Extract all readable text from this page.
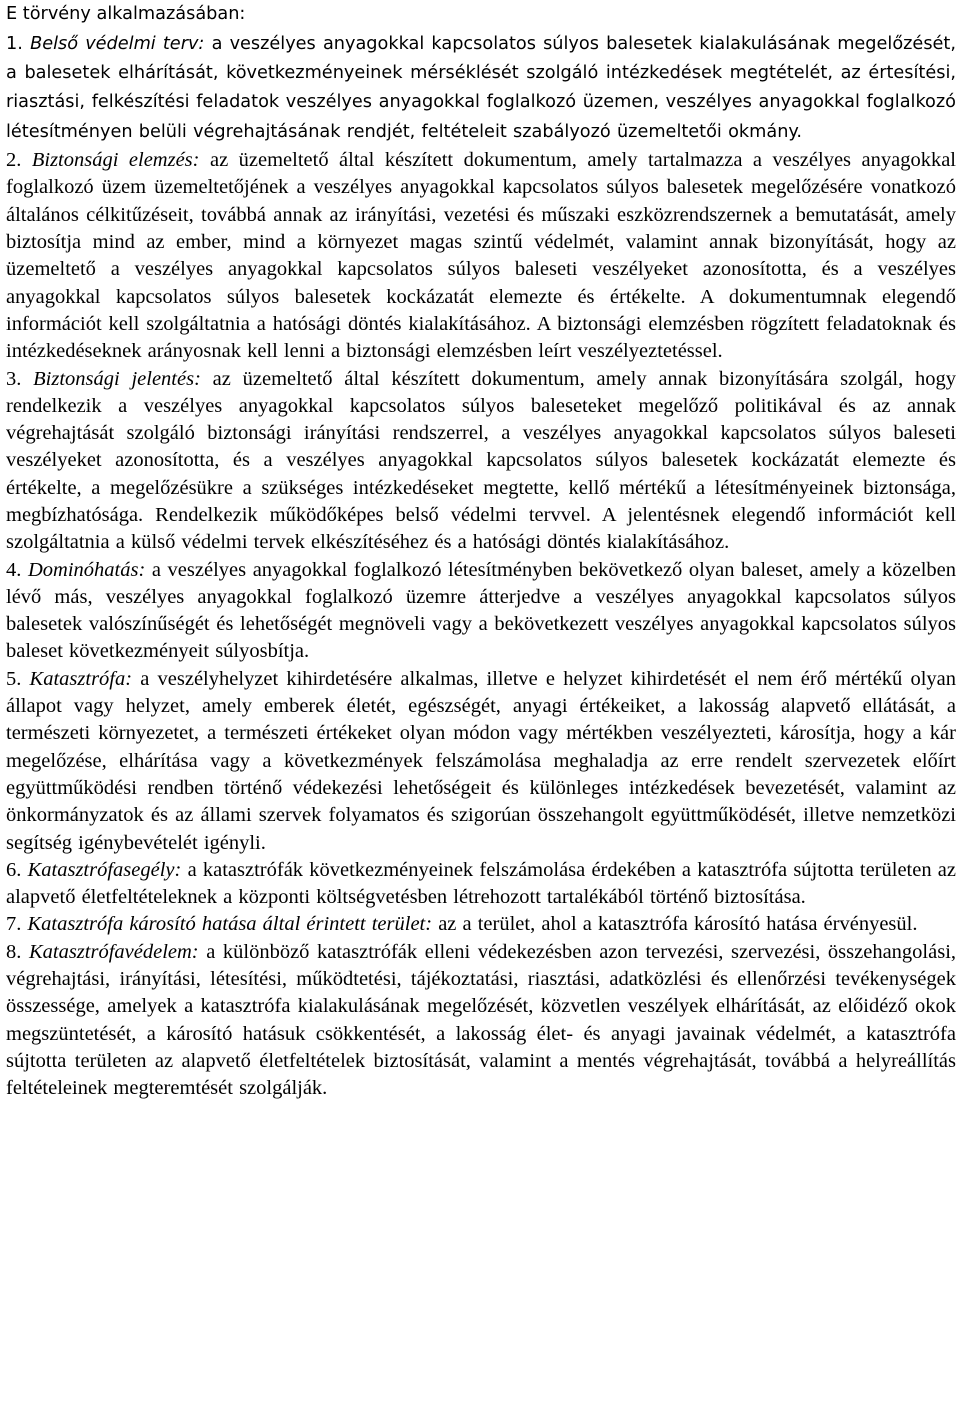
E törvény alkalmazásában:

1. Belső védelmi terv: a veszélyes anyagokkal kapcsolatos súlyos balesetek kialakulásának megelőzését, a balesetek elhárítását, következményeinek mérséklését szolgáló intézkedések megtételét, az értesítési, riasztási, felkészítési feladatok veszélyes anyagokkal foglalkozó üzemen, veszélyes anyagokkal foglalkozó létesítményen belüli végrehajtásának rendjét, feltételeit szabályozó üzemeltetői okmány.

2. Biztonsági elemzés: az üzemeltető által készített dokumentum, amely tartalmazza a veszélyes anyagokkal foglalkozó üzem üzemeltetőjének a veszélyes anyagokkal kapcsolatos súlyos balesetek megelőzésére vonatkozó általános célkitűzéseit, továbbá annak az irányítási, vezetési és műszaki eszközrendszernek a bemutatását, amely biztosítja mind az ember, mind a környezet magas szintű védelmét, valamint annak bizonyítását, hogy az üzemeltető a veszélyes anyagokkal kapcsolatos súlyos baleseti veszélyeket azonosította, és a veszélyes anyagokkal kapcsolatos súlyos balesetek kockázatát elemezte és értékelte. A dokumentumnak elegendő információt kell szolgáltatnia a hatósági döntés kialakításához. A biztonsági elemzésben rögzített feladatoknak és intézkedéseknek arányosnak kell lenni a biztonsági elemzésben leírt veszélyeztetéssel.

3. Biztonsági jelentés: az üzemeltető által készített dokumentum, amely annak bizonyítására szolgál, hogy rendelkezik a veszélyes anyagokkal kapcsolatos súlyos baleseteket megelőző politikával és az annak végrehajtását szolgáló biztonsági irányítási rendszerrel, a veszélyes anyagokkal kapcsolatos súlyos baleseti veszélyeket azonosította, és a veszélyes anyagokkal kapcsolatos súlyos balesetek kockázatát elemezte és értékelte, a megelőzésükre a szükséges intézkedéseket megtette, kellő mértékű a létesítményeinek biztonsága, megbízhatósága. Rendelkezik működőképes belső védelmi tervvel. A jelentésnek elegendő információt kell szolgáltatnia a külső védelmi tervek elkészítéséhez és a hatósági döntés kialakításához.

4. Dominóhatás: a veszélyes anyagokkal foglalkozó létesítményben bekövetkező olyan baleset, amely a közelben lévő más, veszélyes anyagokkal foglalkozó üzemre átterjedve a veszélyes anyagokkal kapcsolatos súlyos balesetek valószínűségét és lehetőségét megnöveli vagy a bekövetkezett veszélyes anyagokkal kapcsolatos súlyos baleset következményeit súlyosbítja.

5. Katasztrófa: a veszélyhelyzet kihirdetésére alkalmas, illetve e helyzet kihirdetését el nem érő mértékű olyan állapot vagy helyzet, amely emberek életét, egészségét, anyagi értékeiket, a lakosság alapvető ellátását, a természeti környezetet, a természeti értékeket olyan módon vagy mértékben veszélyezteti, károsítja, hogy a kár megelőzése, elhárítása vagy a következmények felszámolása meghaladja az erre rendelt szervezetek előírt együttműködési rendben történő védekezési lehetőségeit és különleges intézkedések bevezetését, valamint az önkormányzatok és az állami szervek folyamatos és szigorúan összehangolt együttműködését, illetve nemzetközi segítség igénybevételét igényli.

6. Katasztrófasegély: a katasztrófák következményeinek felszámolása érdekében a katasztrófa sújtotta területen az alapvető életfeltételeknek a központi költségvetésben létrehozott tartalékából történő biztosítása.

7. Katasztrófa károsító hatása által érintett terület: az a terület, ahol a katasztrófa károsító hatása érvényesül.

8. Katasztrófavédelem: a különböző katasztrófák elleni védekezésben azon tervezési, szervezési, összehangolási, végrehajtási, irányítási, létesítési, működtetési, tájékoztatási, riasztási, adatközlési és ellenőrzési tevékenységek összessége, amelyek a katasztrófa kialakulásának megelőzését, közvetlen veszélyek elhárítását, az előidéző okok megszüntetését, a károsító hatásuk csökkentését, a lakosság élet- és anyagi javainak védelmét, a katasztrófa sújtotta területen az alapvető életfeltételek biztosítását, valamint a mentés végrehajtását, továbbá a helyreállítás feltételeinek megteremtését szolgálják.
